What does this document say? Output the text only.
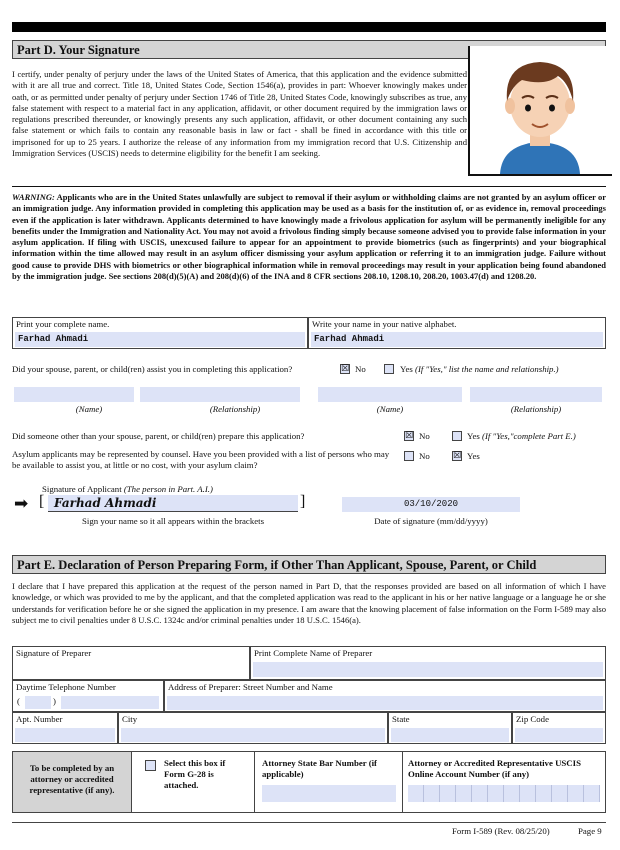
Part D. Your Signature
I certify, under penalty of perjury under the laws of the United States of America, that this application and the evidence submitted with it are all true and correct. Title 18, United States Code, Section 1546(a), provides in part: Whoever knowingly makes under oath, or as permitted under penalty of perjury under Section 1746 of Title 28, United States Code, knowingly subscribes as true, any false statement with respect to a material fact in any application, affidavit, or other document required by the immigration laws or regulations prescribed thereunder, or knowingly presents any such application, affidavit, or other document containing any such false statement or which fails to contain any reasonable basis in law or fact - shall be fined in accordance with this title or imprisoned for up to 25 years. I authorize the release of any information from my immigration record that U.S. Citizenship and Immigration Services (USCIS) needs to determine eligibility for the benefit I am seeking.
WARNING: Applicants who are in the United States unlawfully are subject to removal if their asylum or withholding claims are not granted by an asylum officer or an immigration judge. Any information provided in completing this application may be used as a basis for the institution of, or as evidence in, removal proceedings even if the application is later withdrawn. Applicants determined to have knowingly made a frivolous application for asylum will be permanently ineligible for any benefits under the Immigration and Nationality Act. You may not avoid a frivolous finding simply because someone advised you to provide false information in your asylum application. If filing with USCIS, unexcused failure to appear for an appointment to provide biometrics (such as fingerprints) and your biographical information within the time allowed may result in an asylum officer dismissing your asylum application or referring it to an immigration judge. Failure without good cause to provide DHS with biometrics or other biographical information while in removal proceedings may result in your application being found abandoned by the immigration judge. See sections 208(d)(5)(A) and 208(d)(6) of the INA and 8 CFR sections 208.10, 1208.10, 208.20, 1003.47(d) and 1208.20.
Print your complete name.
Farhad Ahmadi
Write your name in your native alphabet.
Farhad Ahmadi
Did your spouse, parent, or child(ren) assist you in completing this application?	☒ No	Yes (If "Yes," list the name and relationship.)
(Name)	(Relationship)	(Name)	(Relationship)
Did someone other than your spouse, parent, or child(ren) prepare this application?	☒ No	Yes (If "Yes,"complete Part E.)
Asylum applicants may be represented by counsel. Have you been provided with a list of persons who may be available to assist you, at little or no cost, with your asylum claim?
No	☒ Yes
Signature of Applicant (The person in Part. A.I.)
➡ [ Farhad Ahmadi	]	03/10/2020
Sign your name so it all appears within the brackets	Date of signature (mm/dd/yyyy)
Part E. Declaration of Person Preparing Form, if Other Than Applicant, Spouse, Parent, or Child
I declare that I have prepared this application at the request of the person named in Part D, that the responses provided are based on all information of which I have knowledge, or which was provided to me by the applicant, and that the completed application was read to the applicant in his or her native language or a language he or she understands for verification before he or she signed the application in my presence. I am aware that the knowing placement of false information on the Form I-589 may also subject me to civil penalties under 8 U.S.C. 1324c and/or criminal penalties under 18 U.S.C. 1546(a).
Signature of Preparer	Print Complete Name of Preparer
Daytime Telephone Number
(	)
Address of Preparer: Street Number and Name
Apt. Number	City	State	Zip Code
To be completed by an attorney or accredited representative (if any).
Select this box if Form G-28 is attached.
Attorney State Bar Number (if applicable)
Attorney or Accredited Representative USCIS Online Account Number (if any)
Form I-589 (Rev. 08/25/20)	Page 9
